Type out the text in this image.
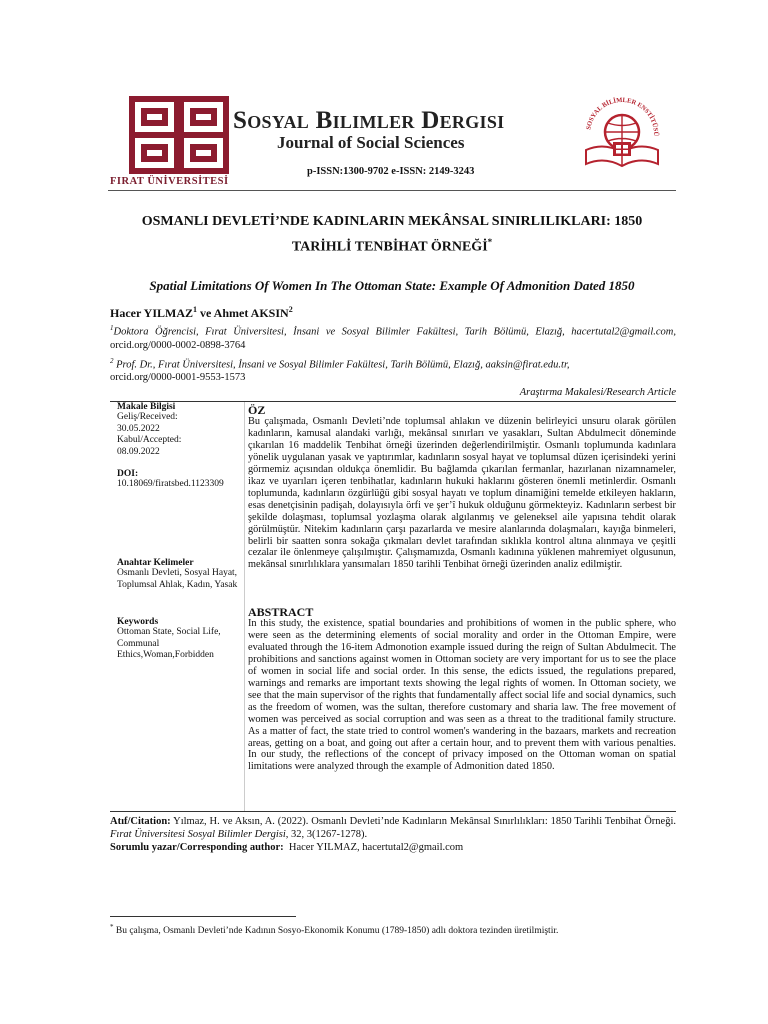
FIRAT ÜNİVERSİTESİ
Sosyal Bilimler Dergisi
Journal of Social Sciences
p-ISSN:1300-9702 e-ISSN: 2149-3243
SOSYAL BİLİMLER ENSTİTÜSÜ
OSMANLI DEVLETİ’NDE KADINLARIN MEKÂNSAL SINIRLILIKLARI: 1850
TARİHLİ TENBİHAT ÖRNEĞİ*
Spatial Limitations Of Women In The Ottoman State: Example Of Admonition Dated 1850
Hacer YILMAZ$^1$ ve Ahmet AKSIN$^2$
$^1$Doktora Öğrencisi, Fırat Üniversitesi, İnsani ve Sosyal Bilimler Fakültesi, Tarih Bölümü, Elazığ, hacertutal2@gmail.com, orcid.org/0000-0002-0898-3764
$^2$ Prof. Dr., Fırat Üniversitesi, İnsani ve Sosyal Bilimler Fakültesi, Tarih Bölümü, Elazığ, aaksin@firat.edu.tr,
orcid.org/0000-0001-9553-1573
Araştırma Makalesi/Research Article
Makale Bilgisi
Geliş/Received:
30.05.2022
Kabul/Accepted:
08.09.2022
DOI:
10.18069/firatsbed.1123309
Anahtar Kelimeler
Osmanlı Devleti, Sosyal Hayat, Toplumsal Ahlak, Kadın, Yasak
Keywords
Ottoman State, Social Life, Communal Ethics,Woman,Forbidden
ÖZ
Bu çalışmada, Osmanlı Devleti’nde toplumsal ahlakın ve düzenin belirleyici unsuru olarak görülen kadınların, kamusal alandaki varlığı, mekânsal sınırları ve yasakları, Sultan Abdulmecit döneminde çıkarılan 16 maddelik Tenbihat örneği üzerinden değerlendirilmiştir. Osmanlı toplumunda kadınlara yönelik uygulanan yasak ve yaptırımlar, kadınların sosyal hayat ve toplumsal düzen içerisindeki yerini görmemiz açısından oldukça önemlidir. Bu bağlamda çıkarılan fermanlar, hazırlanan nizamnameler, ikaz ve uyarıları içeren tenbihatlar, kadınların hukuki haklarını gösteren önemli metinlerdir. Osmanlı toplumunda, kadınların özgürlüğü gibi sosyal hayatı ve toplum dinamiğini temelde etkileyen hakların, esas denetçisinin padişah, dolayısıyla örfi ve şer’î hukuk olduğunu görmekteyiz. Kadınların serbest bir şekilde dolaşması, toplumsal yozlaşma olarak algılanmış ve geleneksel aile yapısına tehdit olarak görülmüştür. Nitekim kadınların çarşı pazarlarda ve mesire alanlarında dolaşmaları, kayığa binmeleri, belirli bir saatten sonra sokağa çıkmaları devlet tarafından sıklıkla kontrol altına alınmaya ve çeşitli cezalar ile önlenmeye çalışılmıştır. Çalışmamızda, Osmanlı kadınına yüklenen mahremiyet olgusunun, mekânsal sınırlılıklara yansımaları 1850 tarihli Tenbihat örneği üzerinden analiz edilmiştir.
ABSTRACT
In this study, the existence, spatial boundaries and prohibitions of women in the public sphere, who were seen as the determining elements of social morality and order in the Ottoman Empire, were evaluated through the 16-item Admonotion example issued during the reign of Sultan Abdulmecit. The prohibitions and sanctions against women in Ottoman society are very important for us to see the place of women in social life and social order. In this sense, the edicts issued, the regulations prepared, warnings and remarks are important texts showing the legal rights of women. In Ottoman society, we see that the main supervisor of the rights that fundamentally affect social life and social dynamics, such as the freedom of women, was the sultan, therefore customary and sharia law. The free movement of women was perceived as social corruption and was seen as a threat to the traditional family structure. As a matter of fact, the state tried to control women's wandering in the bazaars, markets and recreation areas, getting on a boat, and going out after a certain hour, and to prevent them with various penalties. In our study, the reflections of the concept of privacy imposed on the Ottoman woman on spatial limitations were analyzed through the example of Admonition dated 1850.
Atıf/Citation: Yılmaz, H. ve Aksın, A. (2022). Osmanlı Devleti’nde Kadınların Mekânsal Sınırlılıkları: 1850 Tarihli Tenbihat Örneği. Fırat Üniversitesi Sosyal Bilimler Dergisi, 32, 3(1267-1278).
Sorumlu yazar/Corresponding author:  Hacer YILMAZ, hacertutal2@gmail.com
* Bu çalışma, Osmanlı Devleti’nde Kadının Sosyo-Ekonomik Konumu (1789-1850) adlı doktora tezinden üretilmiştir.
